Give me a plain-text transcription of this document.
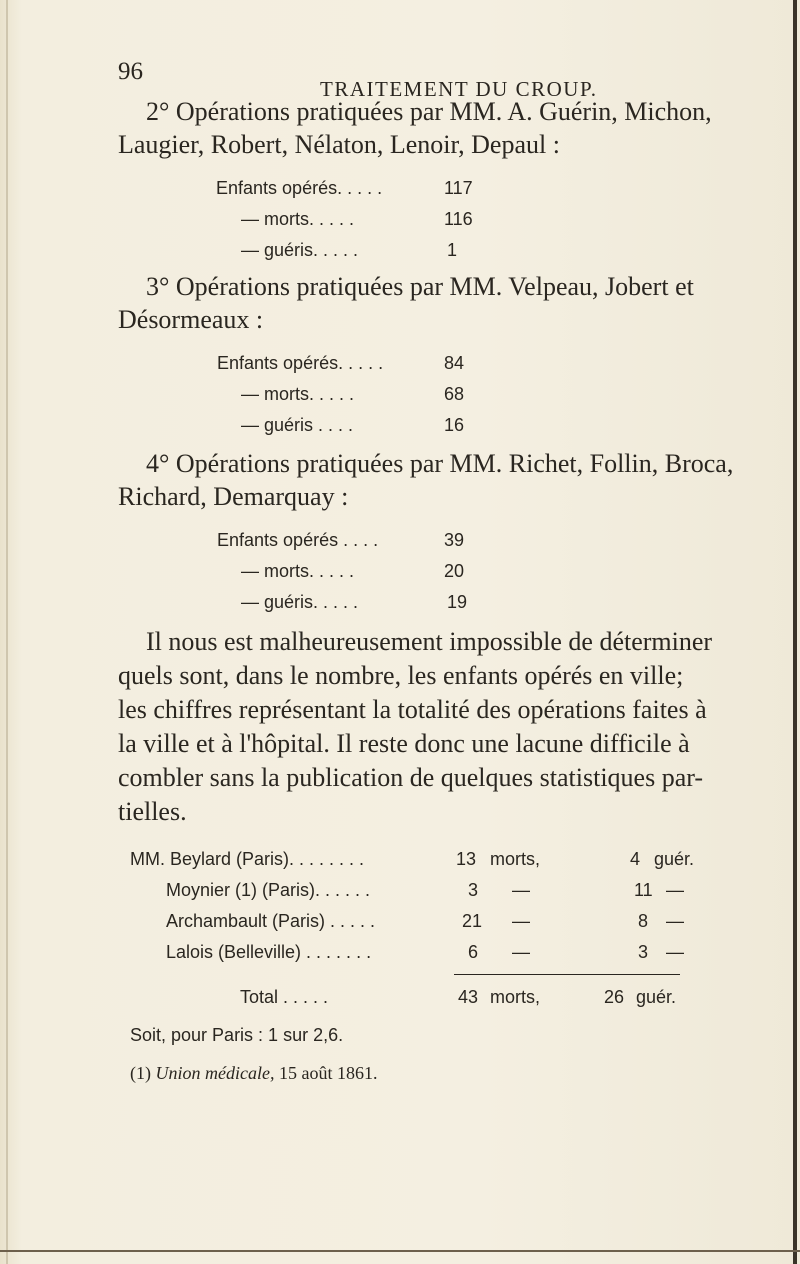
96
TRAITEMENT DU CROUP.
2° Opérations pratiquées par MM. A. Guérin, Michon,
Laugier, Robert, Nélaton, Lenoir, Depaul :
Enfants opérés. . . . .	117
— morts. . . . .	116
— guéris. . . . .	1
3° Opérations pratiquées par MM. Velpeau, Jobert et
Désormeaux :
Enfants opérés. . . . .	84
— morts. . . . .	68
— guéris . . . .	16
4° Opérations pratiquées par MM. Richet, Follin, Broca,
Richard, Demarquay :
Enfants opérés . . . .	39
— morts. . . . .	20
— guéris. . . . .	19
Il nous est malheureusement impossible de déterminer
quels sont, dans le nombre, les enfants opérés en ville;
les chiffres représentant la totalité des opérations faites à
la ville et à l'hôpital. Il reste donc une lacune difficile à
combler sans la publication de quelques statistiques par-
tielles.
MM. Beylard (Paris). . . . . . . .	13 morts,	4 guér.
Moynier (1) (Paris). . . . . .	3 —	11 —
Archambault (Paris) . . . . .	21 —	8 —
Lalois (Belleville) . . . . . . .	6 —	3 —
Total . . . . .	43 morts,	26 guér.
Soit, pour Paris : 1 sur 2,6.
(1) Union médicale, 15 août 1861.
